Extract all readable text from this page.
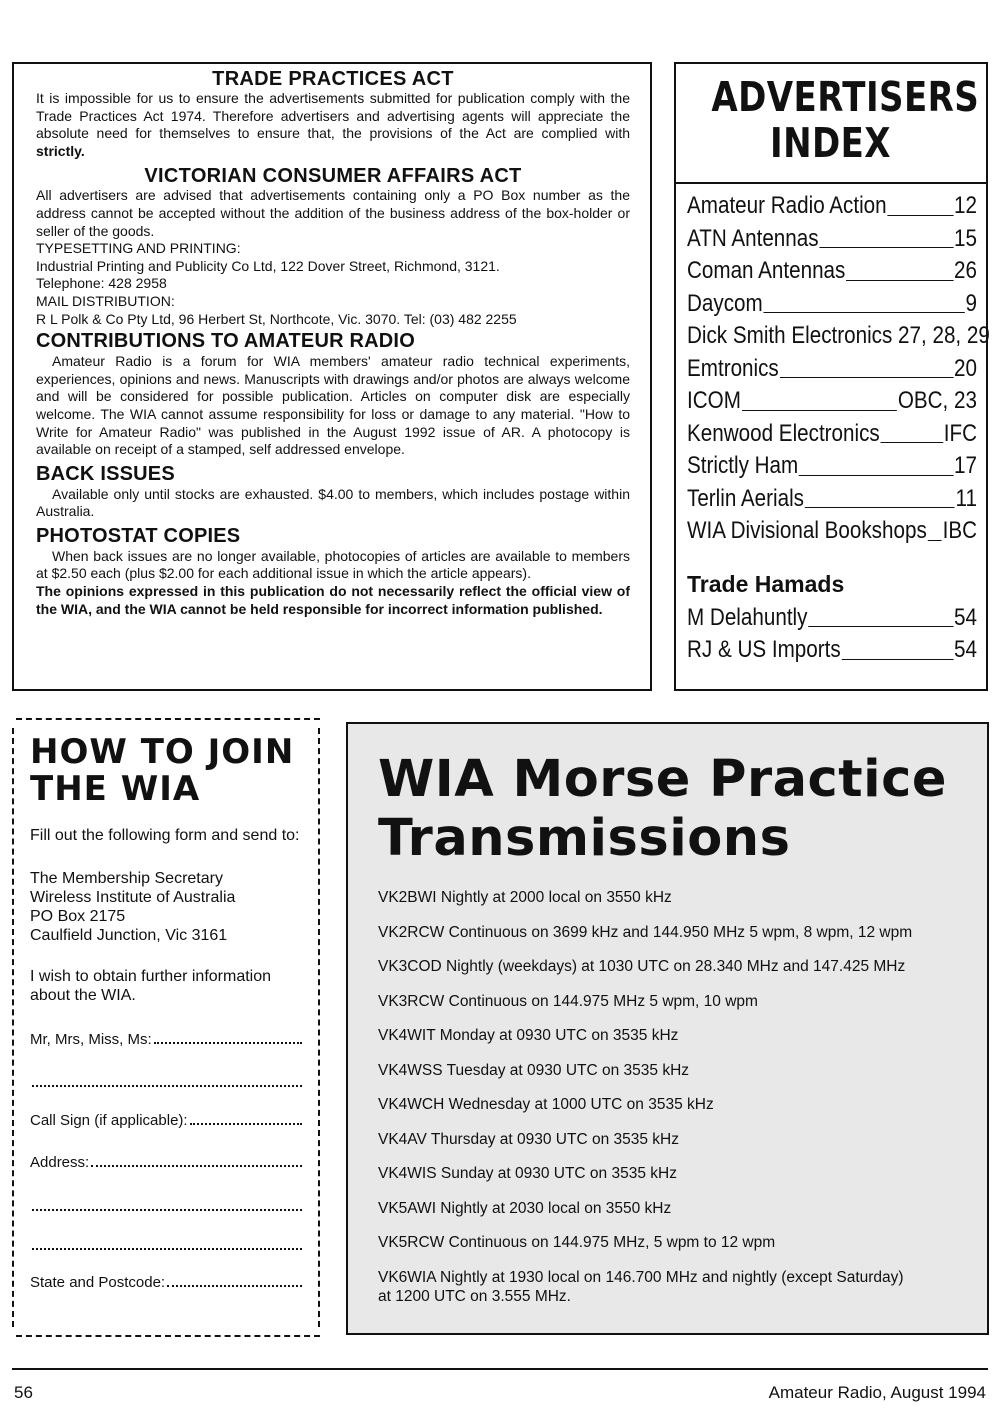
TRADE PRACTICES ACT

It is impossible for us to ensure the advertisements submitted for publication comply with the Trade Practices Act 1974. Therefore advertisers and advertising agents will appreciate the absolute need for themselves to ensure that, the provisions of the Act are complied with strictly.

VICTORIAN CONSUMER AFFAIRS ACT

All advertisers are advised that advertisements containing only a PO Box number as the address cannot be accepted without the addition of the business address of the box-holder or seller of the goods.

TYPESETTING AND PRINTING:

Industrial Printing and Publicity Co Ltd, 122 Dover Street, Richmond, 3121.

Telephone: 428 2958

MAIL DISTRIBUTION:

R L Polk & Co Pty Ltd, 96 Herbert St, Northcote, Vic. 3070. Tel: (03) 482 2255

CONTRIBUTIONS TO AMATEUR RADIO

Amateur Radio is a forum for WIA members' amateur radio technical experiments, experiences, opinions and news. Manuscripts with drawings and/or photos are always welcome and will be considered for possible publication. Articles on computer disk are especially welcome. The WIA cannot assume responsibility for loss or damage to any material. "How to Write for Amateur Radio" was published in the August 1992 issue of AR. A photocopy is available on receipt of a stamped, self addressed envelope.

BACK ISSUES

Available only until stocks are exhausted. $4.00 to members, which includes postage within Australia.

PHOTOSTAT COPIES

When back issues are no longer available, photocopies of articles are available to members at $2.50 each (plus $2.00 for each additional issue in which the article appears).

The opinions expressed in this publication do not necessarily reflect the official view of the WIA, and the WIA cannot be held responsible for incorrect information published.

ADVERTISERS
INDEX
Amateur Radio Action	12
ATN Antennas	15
Coman Antennas	26
Daycom	9
Dick Smith Electronics 27, 28, 29
Emtronics	20
ICOM	OBC, 23
Kenwood Electronics	IFC
Strictly Ham	17
Terlin Aerials	11
WIA Divisional Bookshops IBC
Trade Hamads
M Delahuntly	54
RJ & US Imports	54
HOW TO JOIN
THE WIA

Fill out the following form and send to:

The Membership Secretary

Wireless Institute of Australia

PO Box 2175

Caulfield Junction, Vic 3161

I wish to obtain further information about the WIA.

Mr, Mrs, Miss, Ms:
Call Sign (if applicable):
Address:
State and Postcode:
WIA Morse Practice
Transmissions

VK2BWI Nightly at 2000 local on 3550 kHz

VK2RCW Continuous on 3699 kHz and 144.950 MHz 5 wpm, 8 wpm, 12 wpm

VK3COD Nightly (weekdays) at 1030 UTC on 28.340 MHz and 147.425 MHz

VK3RCW Continuous on 144.975 MHz 5 wpm, 10 wpm

VK4WIT Monday at 0930 UTC on 3535 kHz

VK4WSS Tuesday at 0930 UTC on 3535 kHz

VK4WCH Wednesday at 1000 UTC on 3535 kHz

VK4AV Thursday at 0930 UTC on 3535 kHz

VK4WIS Sunday at 0930 UTC on 3535 kHz

VK5AWI Nightly at 2030 local on 3550 kHz

VK5RCW Continuous on 144.975 MHz, 5 wpm to 12 wpm

VK6WIA Nightly at 1930 local on 146.700 MHz and nightly (except Saturday)
at 1200 UTC on 3.555 MHz.

56	Amateur Radio, August 1994
